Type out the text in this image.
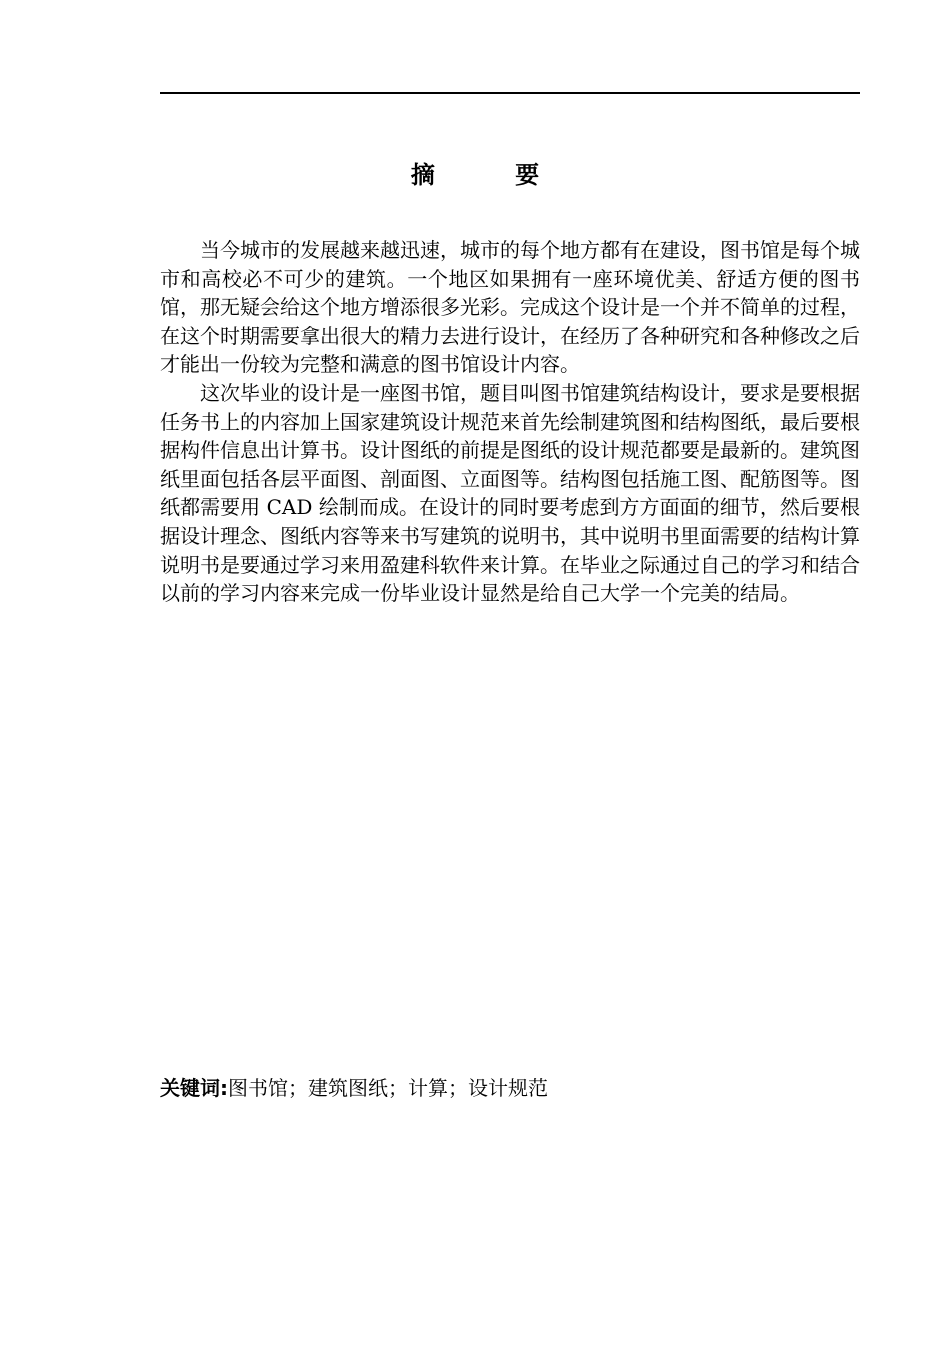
摘 要

当今城市的发展越来越迅速，城市的每个地方都有在建设，图书馆是每个城市和高校必不可少的建筑。一个地区如果拥有一座环境优美、舒适方便的图书馆，那无疑会给这个地方增添很多光彩。完成这个设计是一个并不简单的过程，在这个时期需要拿出很大的精力去进行设计，在经历了各种研究和各种修改之后才能出一份较为完整和满意的图书馆设计内容。

这次毕业的设计是一座图书馆，题目叫图书馆建筑结构设计，要求是要根据任务书上的内容加上国家建筑设计规范来首先绘制建筑图和结构图纸，最后要根据构件信息出计算书。设计图纸的前提是图纸的设计规范都要是最新的。建筑图纸里面包括各层平面图、剖面图、立面图等。结构图包括施工图、配筋图等。图纸都需要用 CAD 绘制而成。在设计的同时要考虑到方方面面的细节，然后要根据设计理念、图纸内容等来书写建筑的说明书，其中说明书里面需要的结构计算说明书是要通过学习来用盈建科软件来计算。在毕业之际通过自己的学习和结合以前的学习内容来完成一份毕业设计显然是给自己大学一个完美的结局。

关键词:图书馆；建筑图纸；计算；设计规范
